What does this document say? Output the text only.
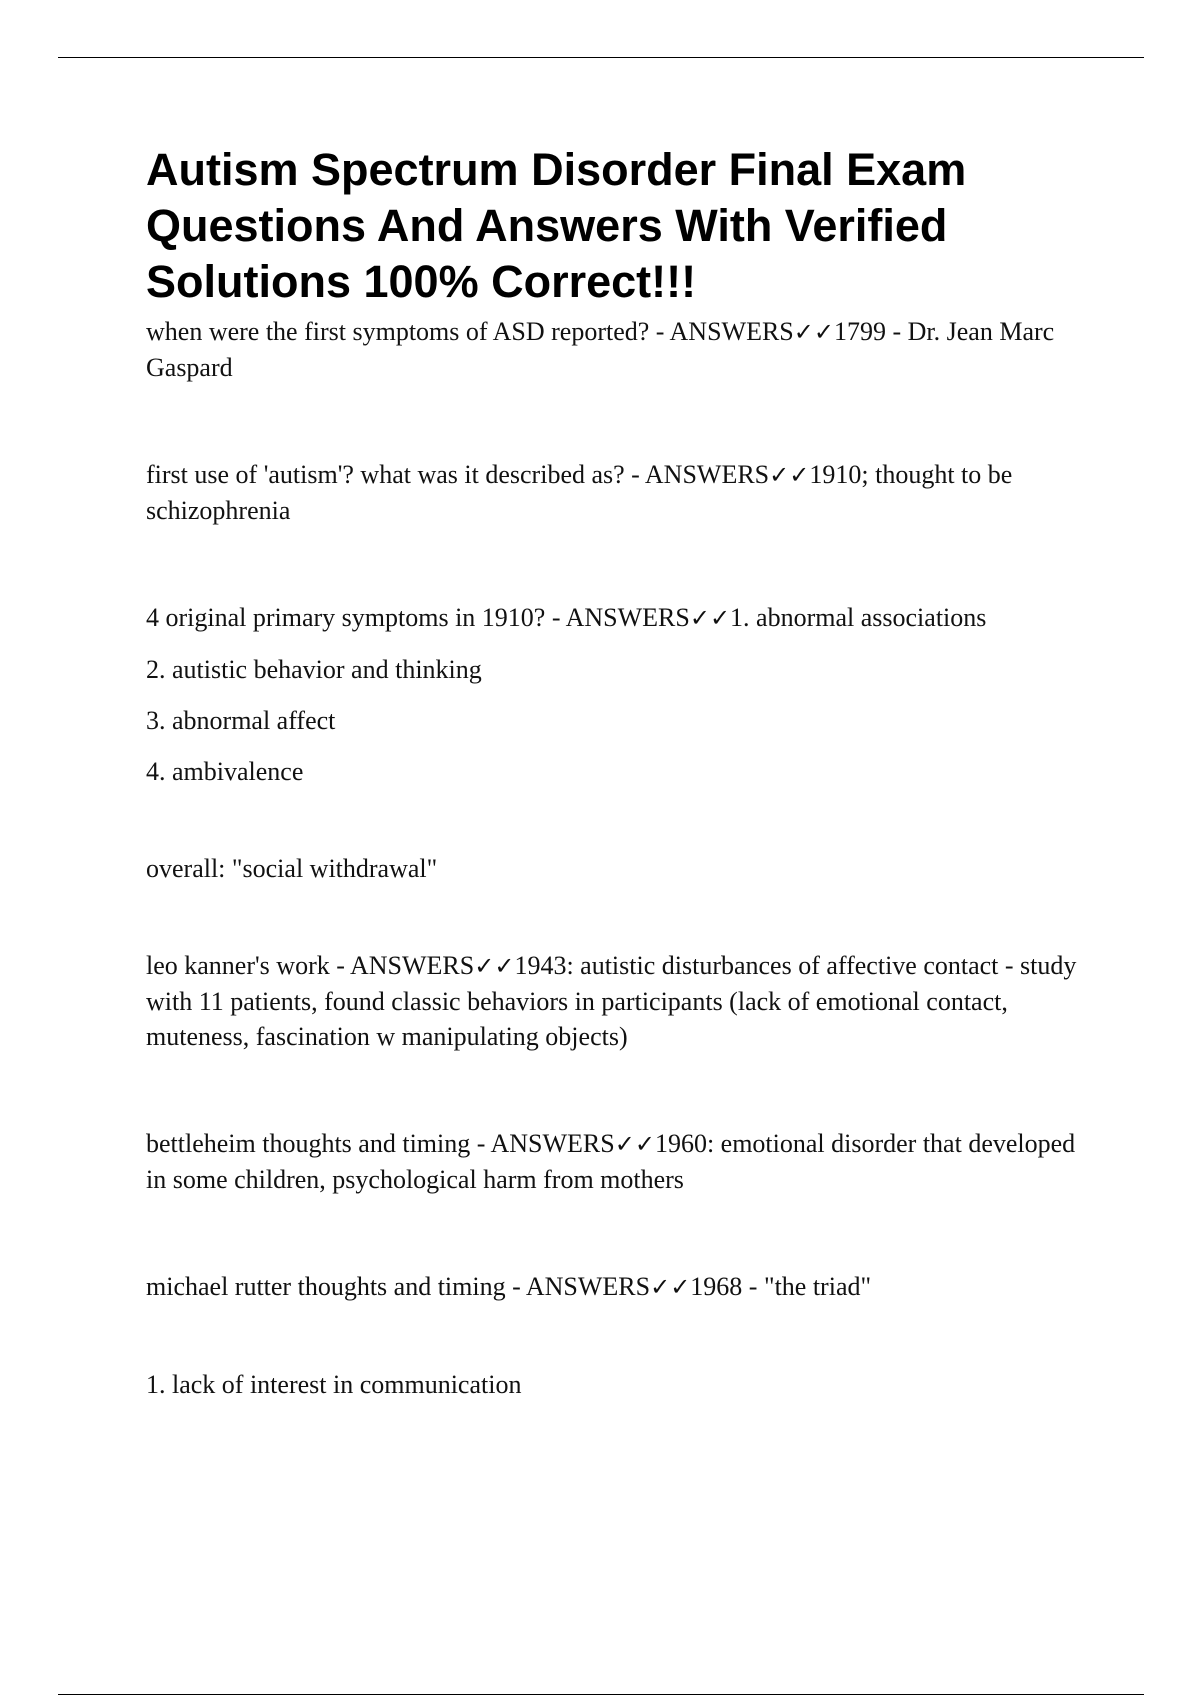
Autism Spectrum Disorder Final Exam Questions And Answers With Verified Solutions 100% Correct!!!

when were the first symptoms of ASD reported? - ANSWERS✓✓1799 - Dr. Jean Marc Gaspard

first use of 'autism'? what was it described as? - ANSWERS✓✓1910; thought to be schizophrenia

4 original primary symptoms in 1910? - ANSWERS✓✓1. abnormal associations

2. autistic behavior and thinking

3. abnormal affect

4. ambivalence

overall: "social withdrawal"

leo kanner's work - ANSWERS✓✓1943: autistic disturbances of affective contact - study with 11 patients, found classic behaviors in participants (lack of emotional contact, muteness, fascination w manipulating objects)

bettleheim thoughts and timing - ANSWERS✓✓1960: emotional disorder that developed in some children, psychological harm from mothers

michael rutter thoughts and timing - ANSWERS✓✓1968 - "the triad"

1. lack of interest in communication
